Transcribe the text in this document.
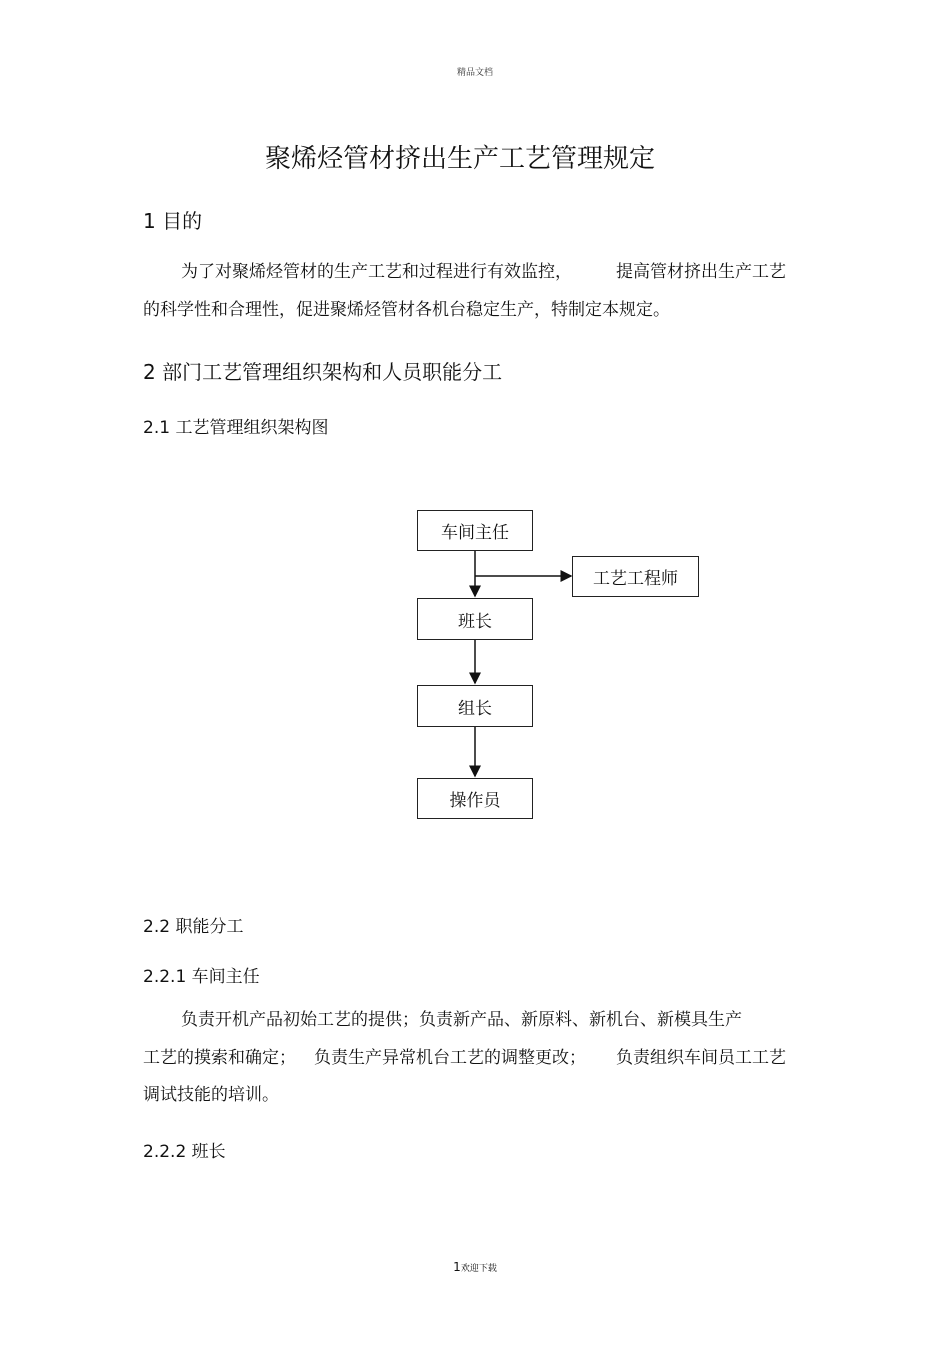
精品文档
聚烯烃管材挤出生产工艺管理规定
1 目的
为了对聚烯烃管材的生产工艺和过程进行有效监控，	提高管材挤出生产工艺
的科学性和合理性，促进聚烯烃管材各机台稳定生产，特制定本规定。
2 部门工艺管理组织架构和人员职能分工
2.1 工艺管理组织架构图
车间主任
工艺工程师
班长
组长
操作员
2.2 职能分工
2.2.1 车间主任
负责开机产品初始工艺的提供；负责新产品、新原料、新机台、新模具生产
工艺的摸索和确定； 负责生产异常机台工艺的调整更改； 负责组织车间员工工艺
调试技能的培训。
2.2.2 班长
1欢迎下载
